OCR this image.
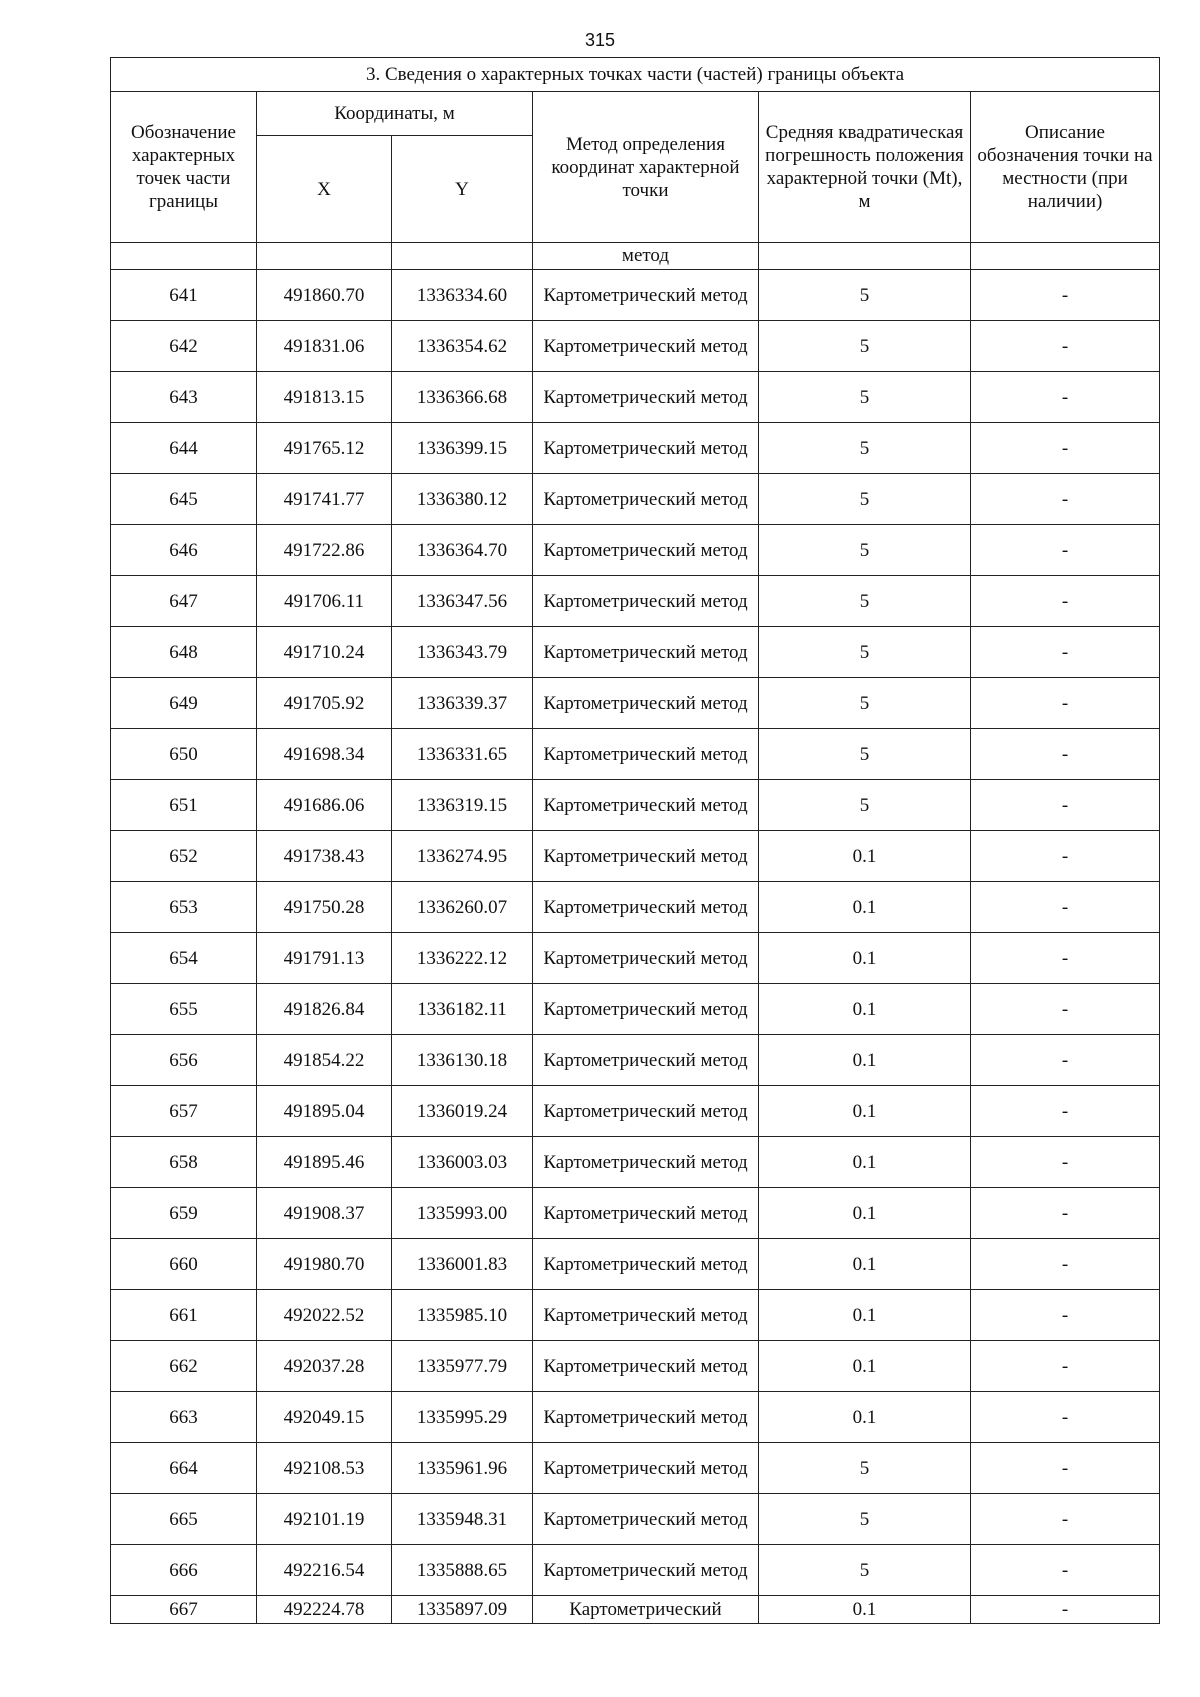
315
3. Сведения о характерных точках части (частей) границы объекта					
Обозначение характерных точек части границы	Координаты, м		Метод определения координат характерной точки	Средняя квадратическая погрешность положения характерной точки (Mt), м	Описание обозначения точки на местности (при наличии)
	X	Y			
			метод		
641	491860.70	1336334.60	Картометрический метод	5	-
642	491831.06	1336354.62	Картометрический метод	5	-
643	491813.15	1336366.68	Картометрический метод	5	-
644	491765.12	1336399.15	Картометрический метод	5	-
645	491741.77	1336380.12	Картометрический метод	5	-
646	491722.86	1336364.70	Картометрический метод	5	-
647	491706.11	1336347.56	Картометрический метод	5	-
648	491710.24	1336343.79	Картометрический метод	5	-
649	491705.92	1336339.37	Картометрический метод	5	-
650	491698.34	1336331.65	Картометрический метод	5	-
651	491686.06	1336319.15	Картометрический метод	5	-
652	491738.43	1336274.95	Картометрический метод	0.1	-
653	491750.28	1336260.07	Картометрический метод	0.1	-
654	491791.13	1336222.12	Картометрический метод	0.1	-
655	491826.84	1336182.11	Картометрический метод	0.1	-
656	491854.22	1336130.18	Картометрический метод	0.1	-
657	491895.04	1336019.24	Картометрический метод	0.1	-
658	491895.46	1336003.03	Картометрический метод	0.1	-
659	491908.37	1335993.00	Картометрический метод	0.1	-
660	491980.70	1336001.83	Картометрический метод	0.1	-
661	492022.52	1335985.10	Картометрический метод	0.1	-
662	492037.28	1335977.79	Картометрический метод	0.1	-
663	492049.15	1335995.29	Картометрический метод	0.1	-
664	492108.53	1335961.96	Картометрический метод	5	-
665	492101.19	1335948.31	Картометрический метод	5	-
666	492216.54	1335888.65	Картометрический метод	5	-
667	492224.78	1335897.09	Картометрический	0.1	-
